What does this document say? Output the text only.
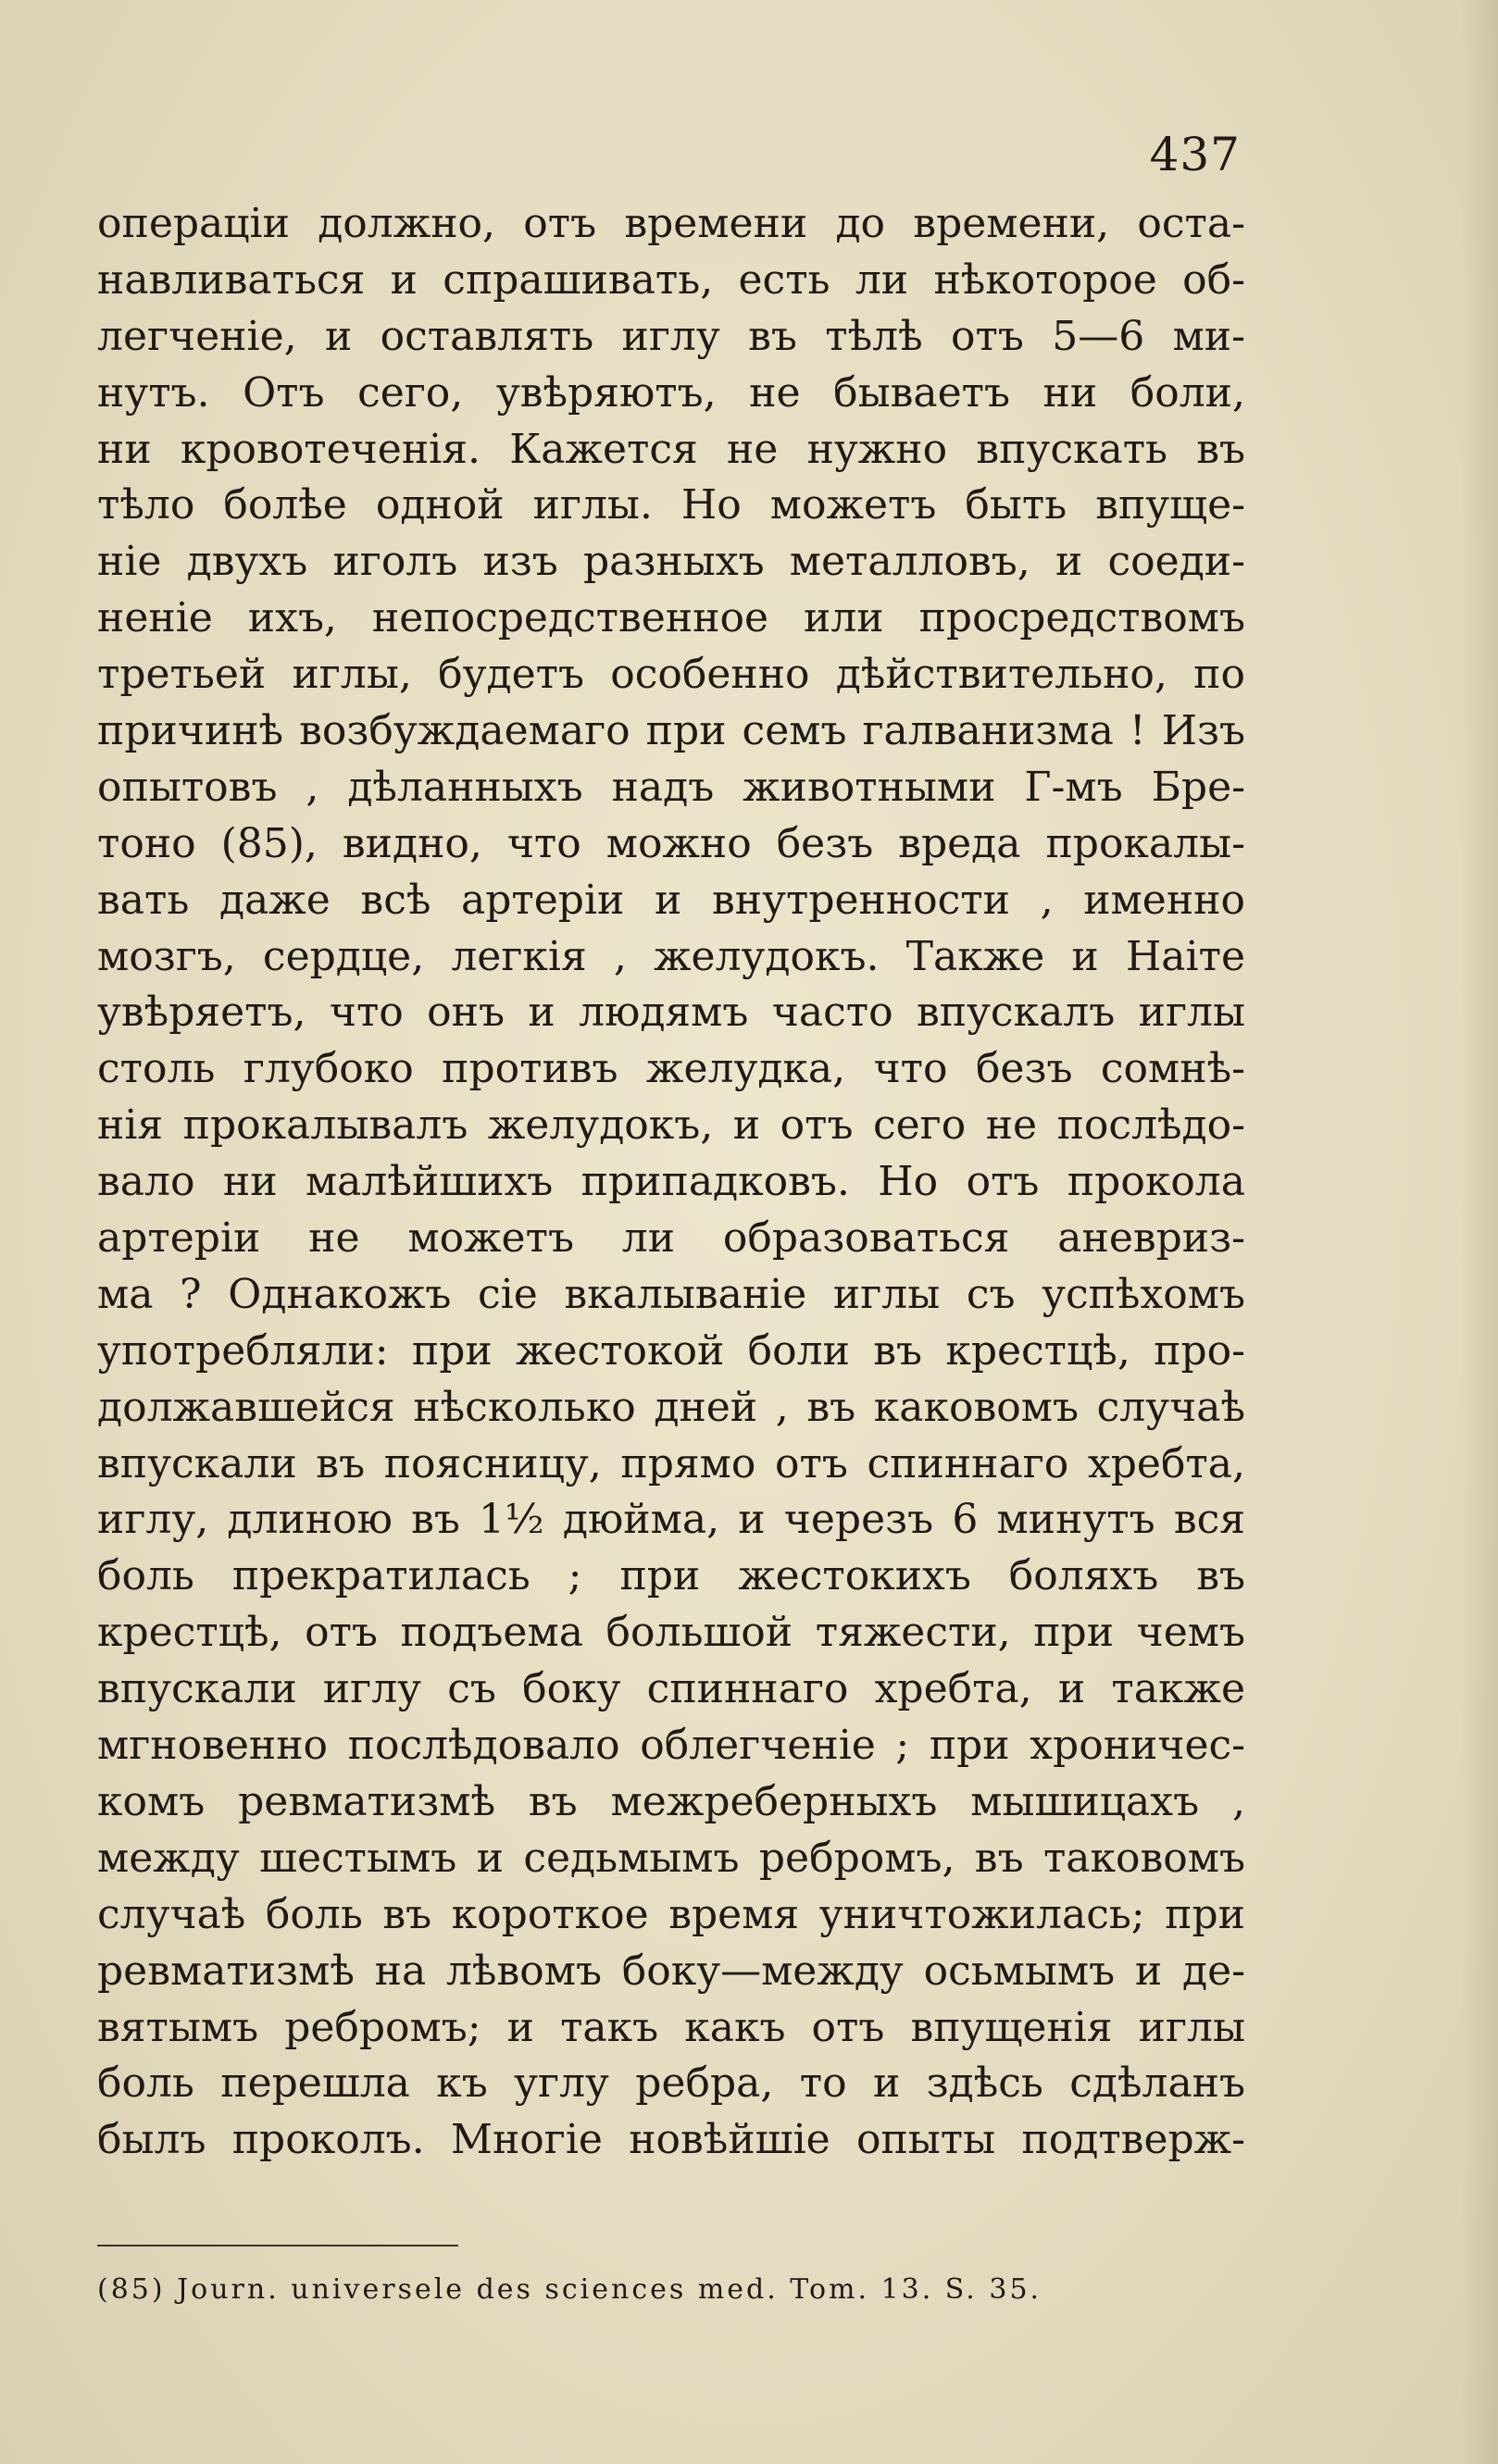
437

операціи должно, отъ времени до времени, оста-
навливаться и спрашивать, есть ли нѣкоторое об-
легченіе, и оставлять иглу въ тѣлѣ отъ 5—6 ми-
нутъ. Отъ сего, увѣряютъ, не бываетъ ни боли,
ни кровотеченія. Кажется не нужно впускать въ
тѣло болѣе одной иглы. Но можетъ быть впуще-
ніе двухъ иголъ изъ разныхъ металловъ, и соеди-
неніе ихъ, непосредственное или просредствомъ
третьей иглы, будетъ особенно дѣйствительно, по
причинѣ возбуждаемаго при семъ галванизма ! Изъ
опытовъ , дѣланныхъ надъ животными Г-мъ Бре-
тоно (85), видно, что можно безъ вреда прокалы-
вать даже всѣ артеріи и внутренности , именно
мозгъ, сердце, легкія , желудокъ. Также и Наіте
увѣряетъ, что онъ и людямъ часто впускалъ иглы
столь глубоко противъ желудка, что безъ сомнѣ-
нія прокалывалъ желудокъ, и отъ сего не послѣдо-
вало ни малѣйшихъ припадковъ. Но отъ прокола
артеріи не можетъ ли образоваться аневриз-
ма ? Однакожъ сіе вкалываніе иглы съ успѣхомъ
употребляли: при жестокой боли въ крестцѣ, про-
должавшейся нѣсколько дней , въ каковомъ случаѣ
впускали въ поясницу, прямо отъ спиннаго хребта,
иглу, длиною въ 1½ дюйма, и черезъ 6 минутъ вся
боль прекратилась ; при жестокихъ боляхъ въ
крестцѣ, отъ подъема большой тяжести, при чемъ
впускали иглу съ боку спиннаго хребта, и также
мгновенно послѣдовало облегченіе ; при хроничес-
комъ ревматизмѣ въ межреберныхъ мышицахъ ,
между шестымъ и седьмымъ ребромъ, въ таковомъ
случаѣ боль въ короткое время уничтожилась; при
ревматизмѣ на лѣвомъ боку—между осьмымъ и де-
вятымъ ребромъ; и такъ какъ отъ впущенія иглы
боль перешла къ углу ребра, то и здѣсь сдѣланъ
былъ проколъ. Многіе новѣйшіе опыты подтверж-

(85) Journ. universele des sciences med. Tom. 13. S. 35.
